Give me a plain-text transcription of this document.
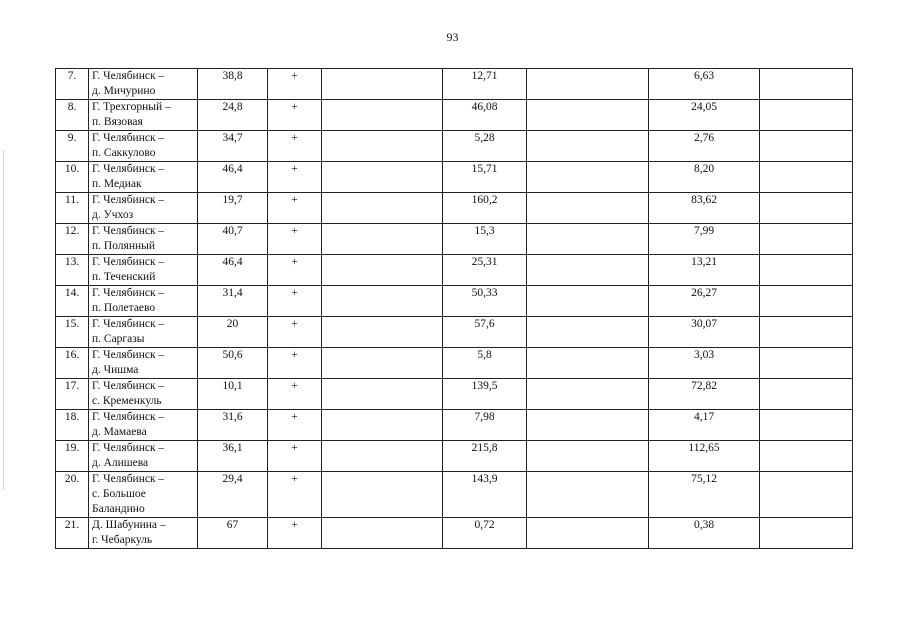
93
7.	Г. Челябинск –
д. Мичурино	38,8	+		12,71		6,63	
8.	Г. Трехгорный –
п. Вязовая	24,8	+		46,08		24,05	
9.	Г. Челябинск –
п. Саккулово	34,7	+		5,28		2,76	
10.	Г. Челябинск –
п. Медиак	46,4	+		15,71		8,20	
11.	Г. Челябинск –
д. Учхоз	19,7	+		160,2		83,62	
12.	Г. Челябинск –
п. Полянный	40,7	+		15,3		7,99	
13.	Г. Челябинск –
п. Теченский	46,4	+		25,31		13,21	
14.	Г. Челябинск –
п. Полетаево	31,4	+		50,33		26,27	
15.	Г. Челябинск –
п. Саргазы	20	+		57,6		30,07	
16.	Г. Челябинск –
д. Чишма	50,6	+		5,8		3,03	
17.	Г. Челябинск –
с. Кременкуль	10,1	+		139,5		72,82	
18.	Г. Челябинск –
д. Мамаева	31,6	+		7,98		4,17	
19.	Г. Челябинск –
д. Алишева	36,1	+		215,8		112,65	
20.	Г. Челябинск –
с. Большое
Баландино	29,4	+		143,9		75,12	
21.	Д. Шабунина –
г. Чебаркуль	67	+		0,72		0,38	
